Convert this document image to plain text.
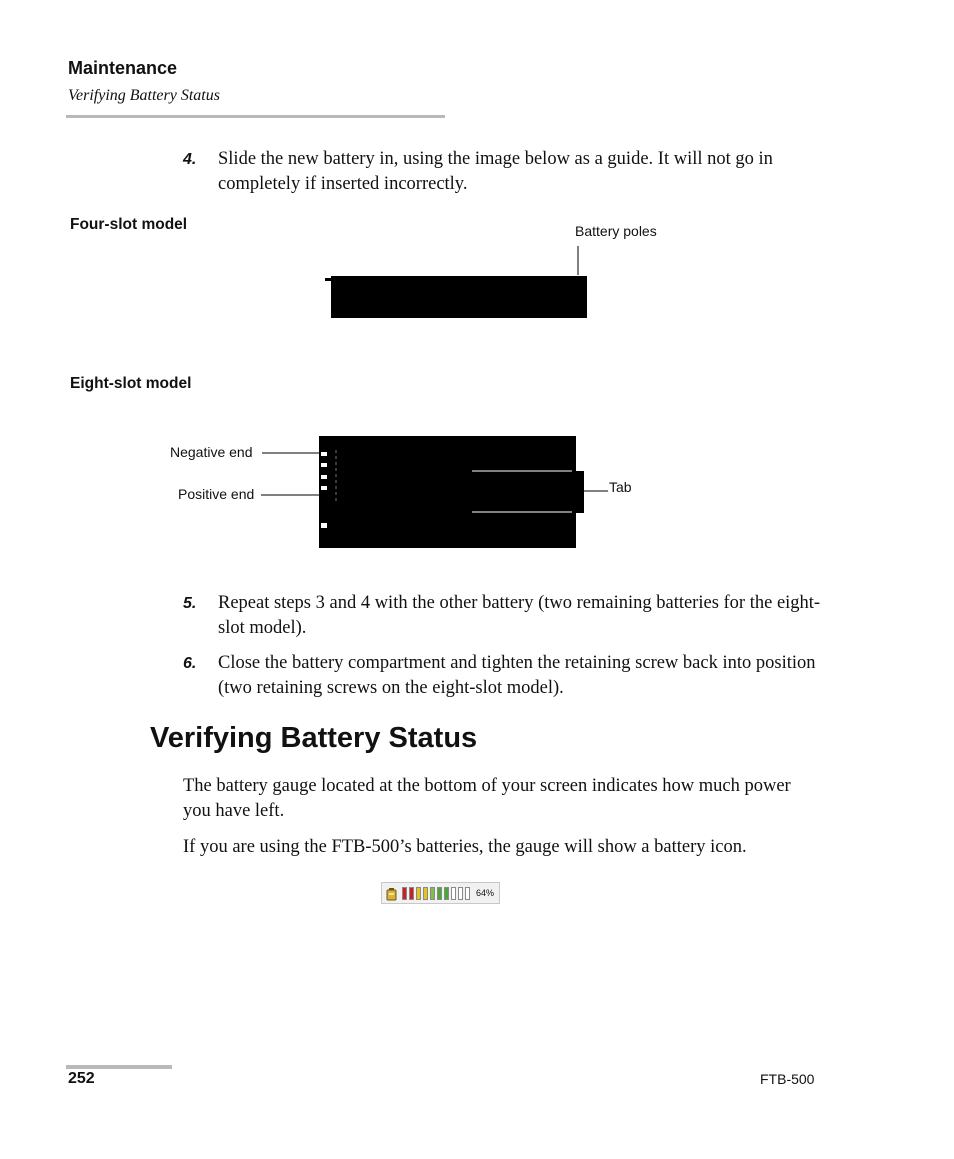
Maintenance
Verifying Battery Status
4. Slide the new battery in, using the image below as a guide. It will not go in completely if inserted incorrectly.
Four-slot model	Battery poles
Eight-slot model
Negative end
Positive end	Tab
5. Repeat steps 3 and 4 with the other battery (two remaining batteries for the eight-slot model).
6. Close the battery compartment and tighten the retaining screw back into position (two retaining screws on the eight-slot model).
Verifying Battery Status
The battery gauge located at the bottom of your screen indicates how much power you have left.
If you are using the FTB-500’s batteries, the gauge will show a battery icon.
64%
252	FTB-500
